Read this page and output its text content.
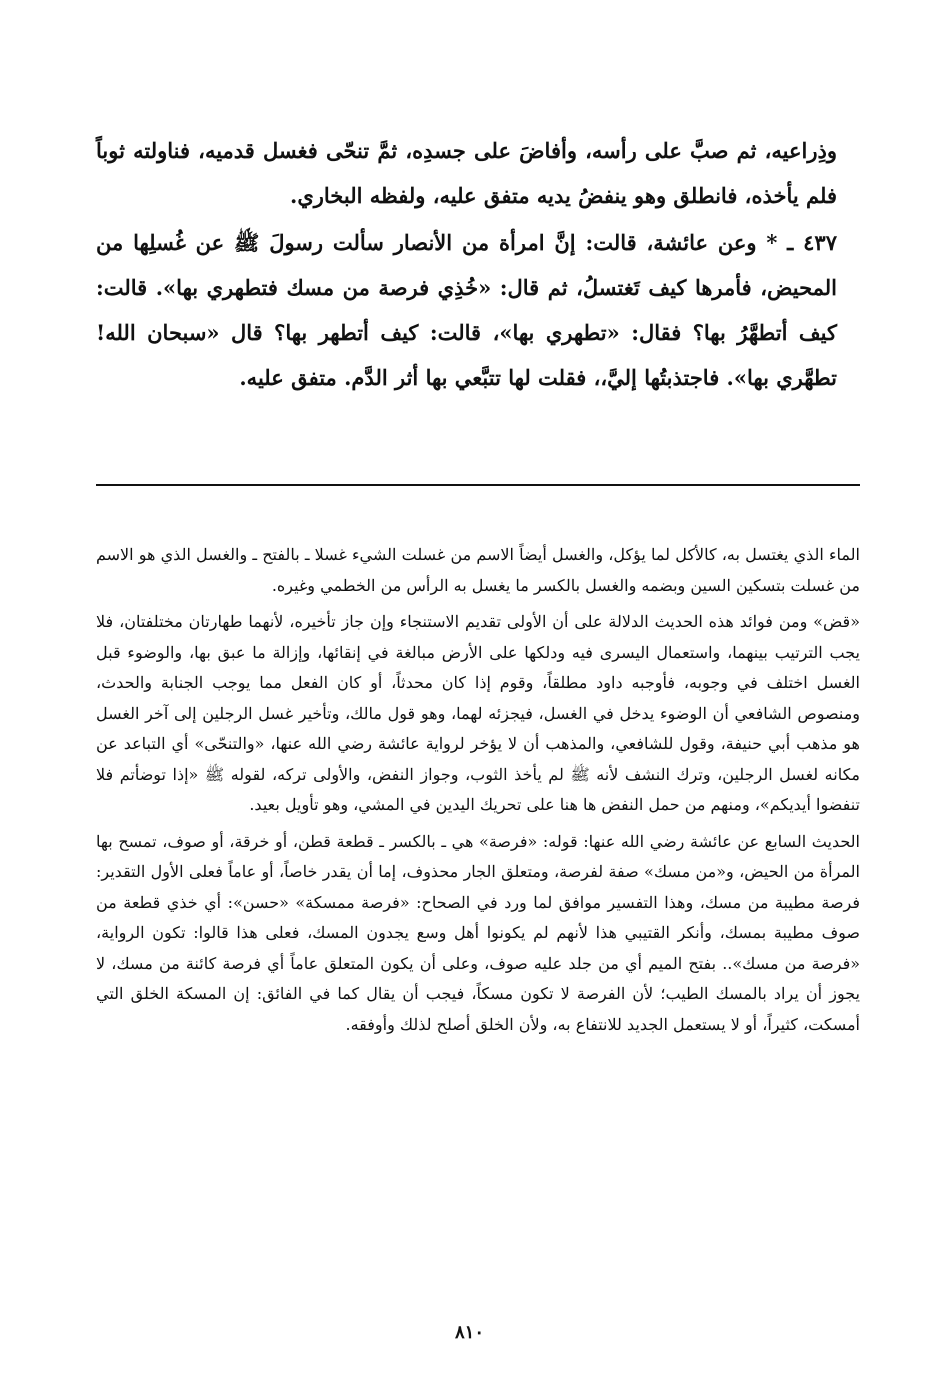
وذِراعيه، ثم صبَّ على رأسه، وأفاضَ على جسدِه، ثمَّ تنحّى فغسل قدميه، فناولته ثوباً فلم يأخذه، فانطلق وهو ينفضُ يديه متفق عليه، ولفظه البخاري.

٤٣٧ ـ * وعن عائشة، قالت: إنَّ امرأة من الأنصار سألت رسولَ ﷺ عن غُسلِها من المحيض، فأمرها كيف تَغتسلُ، ثم قال: «خُذِي فرصة من مسك فتطهري بها». قالت: كيف أتطهَّرُ بها؟ فقال: «تطهري بها»، قالت: كيف أتطهر بها؟ قال «سبحان الله! تطهَّري بها». فاجتذبتُها إليَّ،، فقلت لها تتبَّعي بها أثر الدَّم. متفق عليه.

الماء الذي يغتسل به، كالأكل لما يؤكل، والغسل أيضاً الاسم من غسلت الشيء غسلا ـ بالفتح ـ والغسل الذي هو الاسم من غسلت بتسكين السين وبضمه والغسل بالكسر ما يغسل به الرأس من الخطمي وغيره.

«قض» ومن فوائد هذه الحديث الدلالة على أن الأولى تقديم الاستنجاء وإن جاز تأخيره، لأنهما طهارتان مختلفتان، فلا يجب الترتيب بينهما، واستعمال اليسرى فيه ودلكها على الأرض مبالغة في إنقائها، وإزالة ما عبق بها، والوضوء قبل الغسل اختلف في وجوبه، فأوجبه داود مطلقاً، وقوم إذا كان محدثاً، أو كان الفعل مما يوجب الجنابة والحدث، ومنصوص الشافعي أن الوضوء يدخل في الغسل، فيجزئه لهما، وهو قول مالك، وتأخير غسل الرجلين إلى آخر الغسل هو مذهب أبي حنيفة، وقول للشافعي، والمذهب أن لا يؤخر لرواية عائشة رضي الله عنها، «والتنحّى» أي التباعد عن مكانه لغسل الرجلين، وترك النشف لأنه ﷺ لم يأخذ الثوب، وجواز النفض، والأولى تركه، لقوله ﷺ «إذا توضأتم فلا تنفضوا أيديكم»، ومنهم من حمل النفض ها هنا على تحريك اليدين في المشي، وهو تأويل بعيد.

الحديث السابع عن عائشة رضي الله عنها: قوله: «فرصة» هي ـ بالكسر ـ قطعة قطن، أو خرقة، أو صوف، تمسح بها المرأة من الحيض، و«من مسك» صفة لفرصة، ومتعلق الجار محذوف، إما أن يقدر خاصاً، أو عاماً فعلى الأول التقدير: فرصة مطيبة من مسك، وهذا التفسير موافق لما ورد في الصحاح: «فرصة ممسكة» «حسن»: أي خذي قطعة من صوف مطيبة بمسك، وأنكر القتيبي هذا لأنهم لم يكونوا أهل وسع يجدون المسك، فعلى هذا قالوا: تكون الرواية، «فرصة من مسك».. بفتح الميم أي من جلد عليه صوف، وعلى أن يكون المتعلق عاماً أي فرصة كائنة من مسك، لا يجوز أن يراد بالمسك الطيب؛ لأن الفرصة لا تكون مسكاً، فيجب أن يقال كما في الفائق: إن المسكة الخلق التي أمسكت، كثيراً، أو لا يستعمل الجديد للانتفاع به، ولأن الخلق أصلح لذلك وأوفقه.

٨١٠
